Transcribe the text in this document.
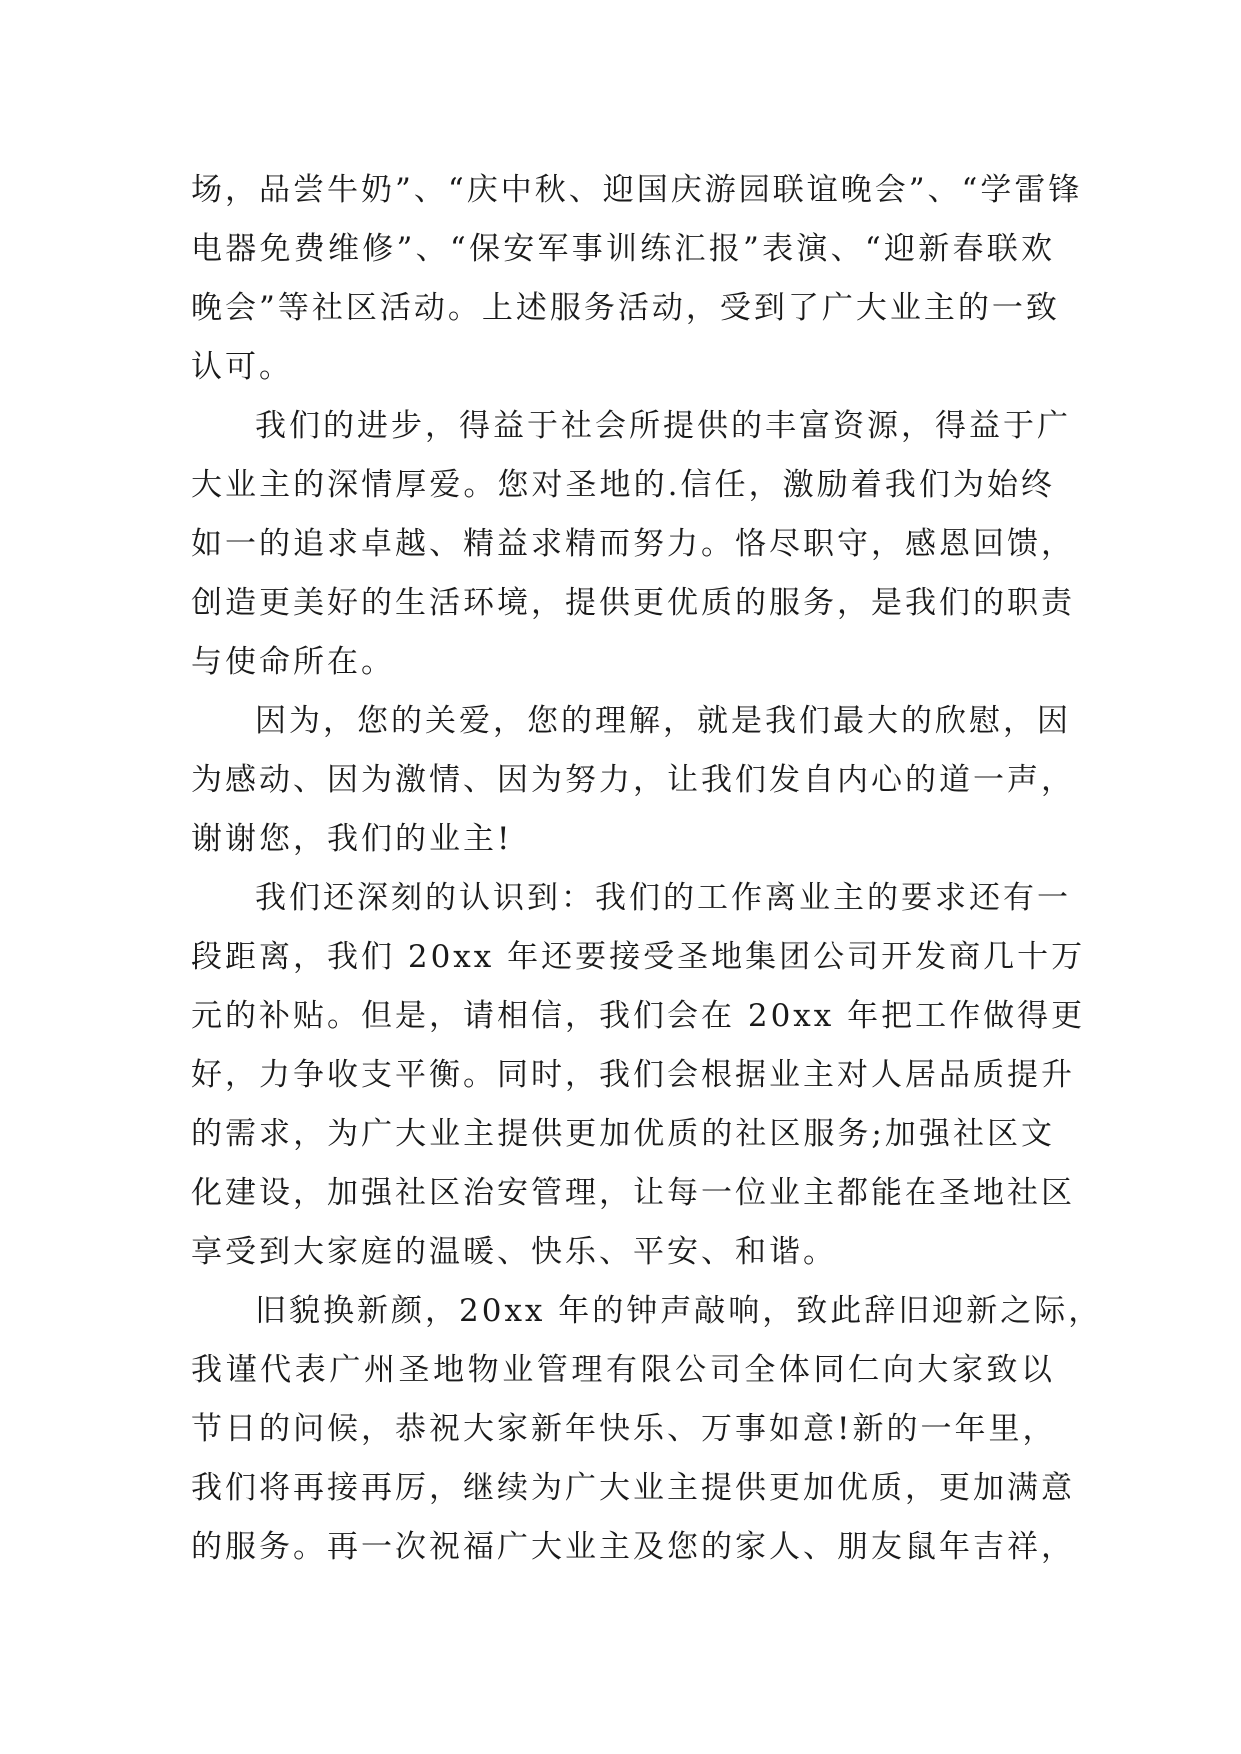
场，品尝牛奶”、“庆中秋、迎国庆游园联谊晚会”、“学雷锋
电器免费维修”、“保安军事训练汇报”表演、“迎新春联欢
晚会”等社区活动。上述服务活动，受到了广大业主的一致
认可。
我们的进步，得益于社会所提供的丰富资源，得益于广
大业主的深情厚爱。您对圣地的.信任，激励着我们为始终
如一的追求卓越、精益求精而努力。恪尽职守，感恩回馈，
创造更美好的生活环境，提供更优质的服务，是我们的职责
与使命所在。
因为，您的关爱，您的理解，就是我们最大的欣慰，因
为感动、因为激情、因为努力，让我们发自内心的道一声，
谢谢您，我们的业主!
我们还深刻的认识到：我们的工作离业主的要求还有一
段距离，我们 20xx 年还要接受圣地集团公司开发商几十万
元的补贴。但是，请相信，我们会在 20xx 年把工作做得更
好，力争收支平衡。同时，我们会根据业主对人居品质提升
的需求，为广大业主提供更加优质的社区服务;加强社区文
化建设，加强社区治安管理，让每一位业主都能在圣地社区
享受到大家庭的温暖、快乐、平安、和谐。
旧貌换新颜，20xx 年的钟声敲响，致此辞旧迎新之际，
我谨代表广州圣地物业管理有限公司全体同仁向大家致以
节日的问候，恭祝大家新年快乐、万事如意!新的一年里，
我们将再接再厉，继续为广大业主提供更加优质，更加满意
的服务。再一次祝福广大业主及您的家人、朋友鼠年吉祥，
